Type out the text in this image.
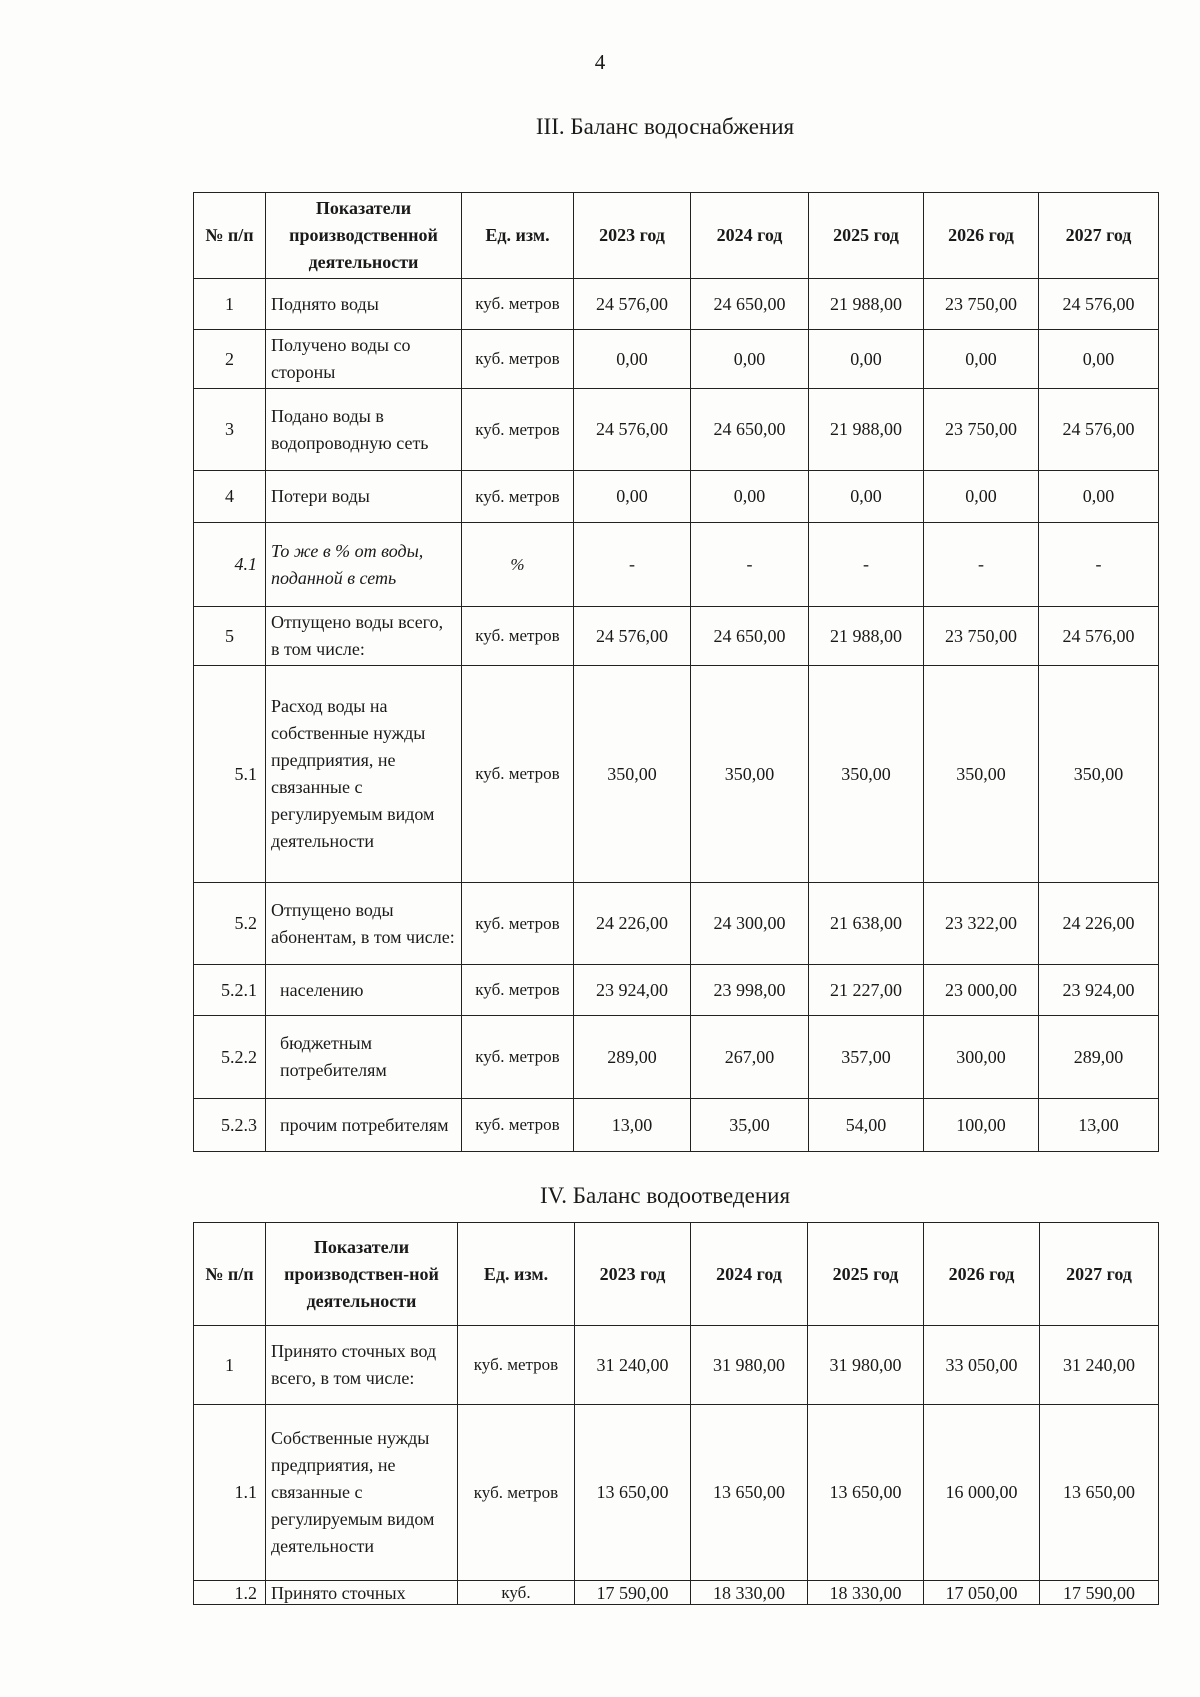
4
III. Баланс водоснабжения
№ п/п	Показатели производственной деятельности	Ед. изм.	2023 год	2024 год	2025 год	2026 год	2027 год
1	Поднято воды	куб. метров	24 576,00	24 650,00	21 988,00	23 750,00	24 576,00
2	Получено воды со стороны	куб. метров	0,00	0,00	0,00	0,00	0,00
3	Подано воды в водопроводную сеть	куб. метров	24 576,00	24 650,00	21 988,00	23 750,00	24 576,00
4	Потери воды	куб. метров	0,00	0,00	0,00	0,00	0,00
4.1	То же в % от воды, поданной в сеть	%	-	-	-	-	-
5	Отпущено воды всего, в том числе:	куб. метров	24 576,00	24 650,00	21 988,00	23 750,00	24 576,00
5.1	Расход воды на собственные нужды предприятия, не связанные с регулируемым видом деятельности	куб. метров	350,00	350,00	350,00	350,00	350,00
5.2	Отпущено воды абонентам, в том числе:	куб. метров	24 226,00	24 300,00	21 638,00	23 322,00	24 226,00
5.2.1	населению	куб. метров	23 924,00	23 998,00	21 227,00	23 000,00	23 924,00
5.2.2	бюджетным потребителям	куб. метров	289,00	267,00	357,00	300,00	289,00
5.2.3	прочим потребителям	куб. метров	13,00	35,00	54,00	100,00	13,00
IV. Баланс водоотведения
№ п/п	Показатели производствен-ной деятельности	Ед. изм.	2023 год	2024 год	2025 год	2026 год	2027 год
1	Принято сточных вод всего, в том числе:	куб. метров	31 240,00	31 980,00	31 980,00	33 050,00	31 240,00
1.1	Собственные нужды предприятия, не связанные с регулируемым видом деятельности	куб. метров	13 650,00	13 650,00	13 650,00	16 000,00	13 650,00
1.2	Принято сточных	куб.	17 590,00	18 330,00	18 330,00	17 050,00	17 590,00
